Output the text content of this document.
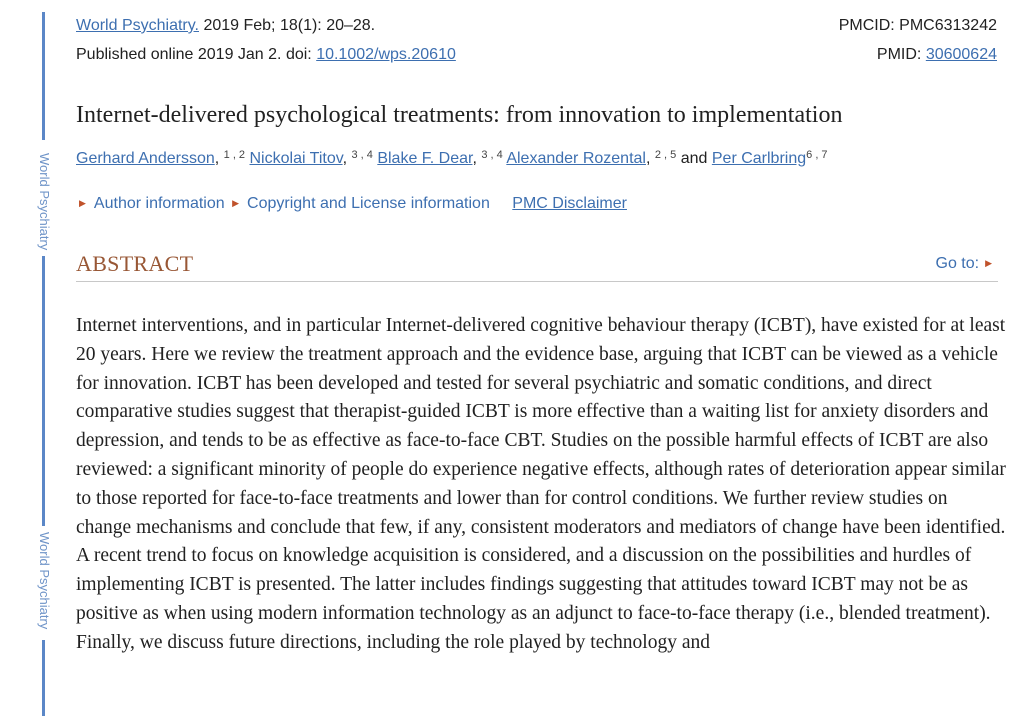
World Psychiatry
World Psychiatry
World Psychiatry. 2019 Feb; 18(1): 20–28.
Published online 2019 Jan 2. doi: 10.1002/wps.20610
PMCID: PMC6313242
PMID: 30600624
Internet-delivered psychological treatments: from innovation to implementation
Gerhard Andersson, $^{1 , 2}$ Nickolai Titov, $^{3 , 4}$ Blake F. Dear, $^{3 , 4}$ Alexander Rozental, $^{2 , 5}$ and Per Carlbring$^{6 , 7}$
▶ Author information ▶ Copyright and License information PMC Disclaimer
ABSTRACT	Go to: ▶

Internet interventions, and in particular Internet-delivered cognitive behaviour therapy (ICBT), have existed for at least 20 years. Here we review the treatment approach and the evidence base, arguing that ICBT can be viewed as a vehicle for innovation. ICBT has been developed and tested for several psychiatric and somatic conditions, and direct comparative studies suggest that therapist-guided ICBT is more effective than a waiting list for anxiety disorders and depression, and tends to be as effective as face-to-face CBT. Studies on the possible harmful effects of ICBT are also reviewed: a significant minority of people do experience negative effects, although rates of deterioration appear similar to those reported for face-to-face treatments and lower than for control conditions. We further review studies on change mechanisms and conclude that few, if any, consistent moderators and mediators of change have been identified. A recent trend to focus on knowledge acquisition is considered, and a discussion on the possibilities and hurdles of implementing ICBT is presented. The latter includes findings suggesting that attitudes toward ICBT may not be as positive as when using modern information technology as an adjunct to face-to-face therapy (i.e., blended treatment). Finally, we discuss future directions, including the role played by technology and
